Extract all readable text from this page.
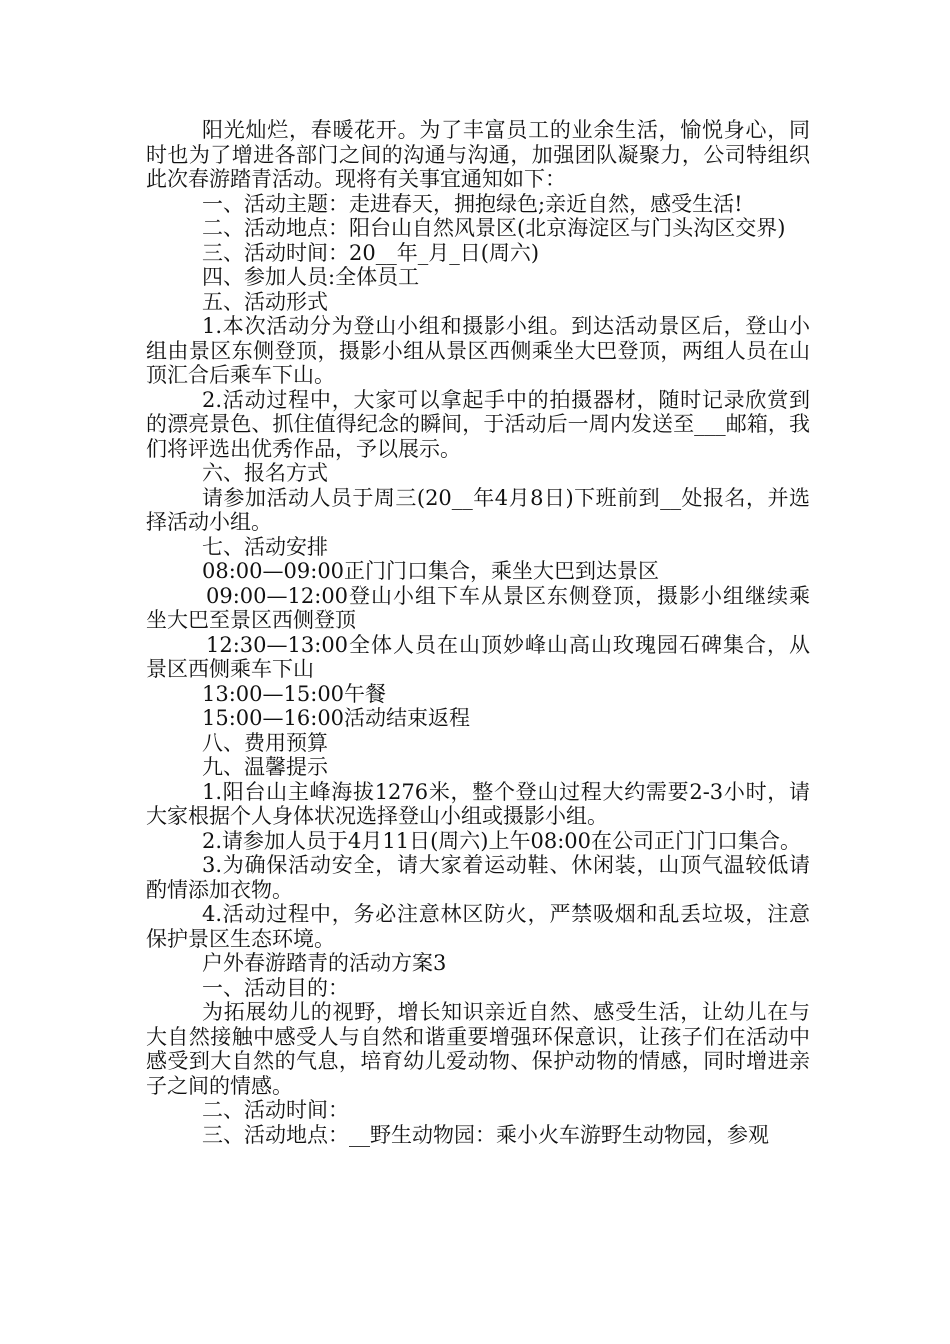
阳光灿烂，春暖花开。为了丰富员工的业余生活，愉悦身心，同时也为了增进各部门之间的沟通与沟通，加强团队凝聚力，公司特组织此次春游踏青活动。现将有关事宜通知如下：

一、活动主题：走进春天，拥抱绿色;亲近自然，感受生活!

二、活动地点：阳台山自然风景区(北京海淀区与门头沟区交界)

三、活动时间：20__年_月_日(周六)

四、参加人员:全体员工

五、活动形式

1.本次活动分为登山小组和摄影小组。到达活动景区后，登山小组由景区东侧登顶，摄影小组从景区西侧乘坐大巴登顶，两组人员在山顶汇合后乘车下山。

2.活动过程中，大家可以拿起手中的拍摄器材，随时记录欣赏到的漂亮景色、抓住值得纪念的瞬间，于活动后一周内发送至___邮箱，我们将评选出优秀作品，予以展示。

六、报名方式

请参加活动人员于周三(20__年4月8日)下班前到__处报名，并选择活动小组。

七、活动安排

08:00—09:00正门门口集合，乘坐大巴到达景区

09:00—12:00登山小组下车从景区东侧登顶，摄影小组继续乘坐大巴至景区西侧登顶

12:30—13:00全体人员在山顶妙峰山高山玫瑰园石碑集合，从景区西侧乘车下山

13:00—15:00午餐

15:00—16:00活动结束返程

八、费用预算

九、温馨提示

1.阳台山主峰海拔1276米，整个登山过程大约需要2-3小时，请大家根据个人身体状况选择登山小组或摄影小组。

2.请参加人员于4月11日(周六)上午08:00在公司正门门口集合。

3.为确保活动安全，请大家着运动鞋、休闲装，山顶气温较低请酌情添加衣物。

4.活动过程中，务必注意林区防火，严禁吸烟和乱丢垃圾，注意保护景区生态环境。

户外春游踏青的活动方案3

一、活动目的：

为拓展幼儿的视野，增长知识亲近自然、感受生活，让幼儿在与大自然接触中感受人与自然和谐重要增强环保意识，让孩子们在活动中感受到大自然的气息，培育幼儿爱动物、保护动物的情感，同时增进亲子之间的情感。

二、活动时间：

三、活动地点：__野生动物园：乘小火车游野生动物园，参观
